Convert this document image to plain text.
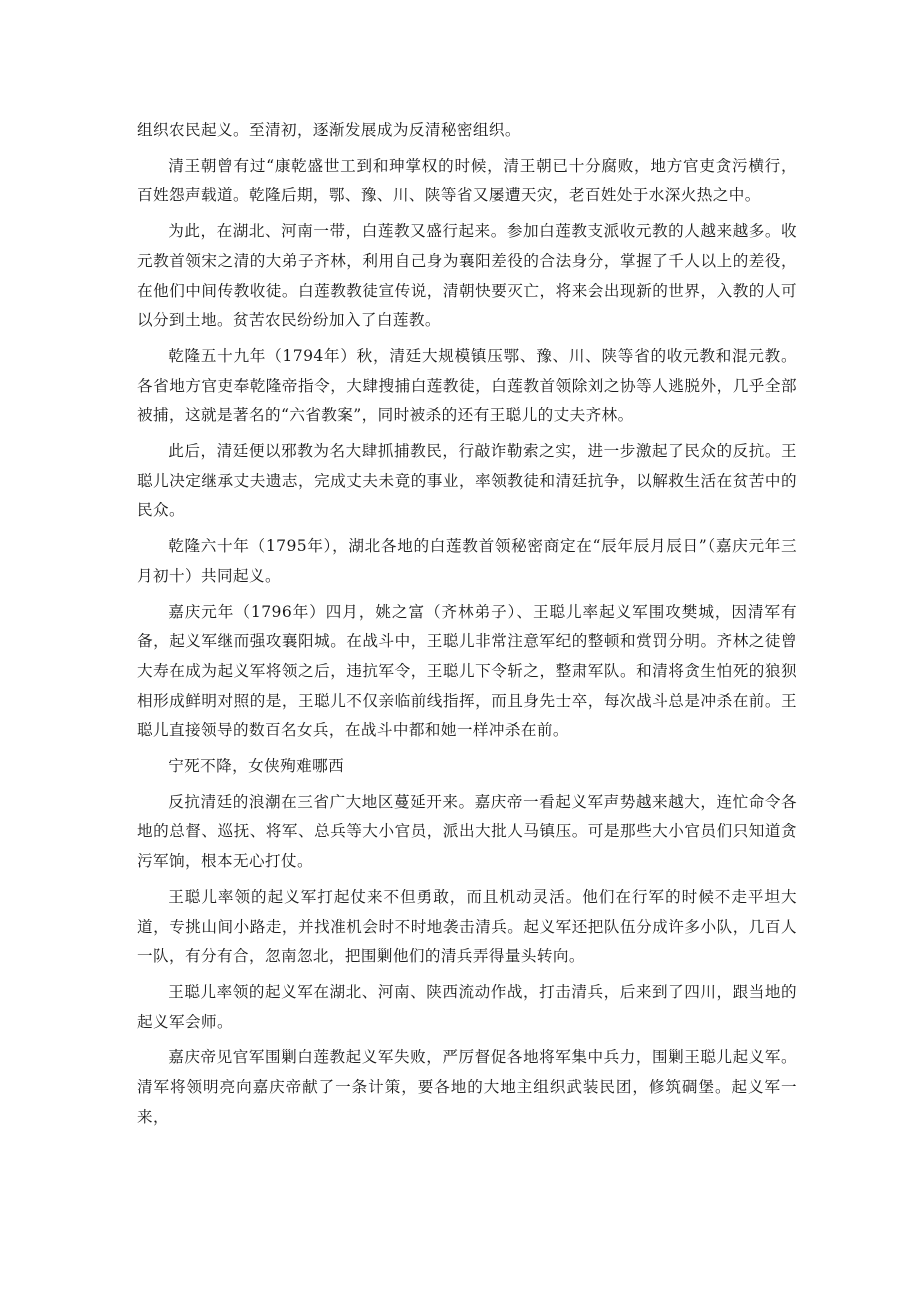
组织农民起义。至清初，逐渐发展成为反清秘密组织。

清王朝曾有过“康乾盛世工到和珅掌权的时候，清王朝已十分腐败，地方官吏贪污横行，百姓怨声载道。乾隆后期，鄂、豫、川、陕等省又屡遭天灾，老百姓处于水深火热之中。

为此，在湖北、河南一带，白莲教又盛行起来。参加白莲教支派收元教的人越来越多。收元教首领宋之清的大弟子齐林，利用自己身为襄阳差役的合法身分，掌握了千人以上的差役，在他们中间传教收徒。白莲教教徒宣传说，清朝快要灭亡，将来会出现新的世界，入教的人可以分到土地。贫苦农民纷纷加入了白莲教。

乾隆五十九年（1794年）秋，清廷大规模镇压鄂、豫、川、陕等省的收元教和混元教。各省地方官吏奉乾隆帝指令，大肆搜捕白莲教徒，白莲教首领除刘之协等人逃脱外，几乎全部被捕，这就是著名的“六省教案”，同时被杀的还有王聪儿的丈夫齐林。

此后，清廷便以邪教为名大肆抓捕教民，行敲诈勒索之实，进一步激起了民众的反抗。王聪儿决定继承丈夫遗志，完成丈夫未竟的事业，率领教徒和清廷抗争，以解救生活在贫苦中的民众。

乾隆六十年（1795年），湖北各地的白莲教首领秘密商定在“辰年辰月辰日”（嘉庆元年三月初十）共同起义。

嘉庆元年（1796年）四月，姚之富（齐林弟子）、王聪儿率起义军围攻樊城，因清军有备，起义军继而强攻襄阳城。在战斗中，王聪儿非常注意军纪的整顿和赏罚分明。齐林之徒曾大寿在成为起义军将领之后，违抗军令，王聪儿下令斩之，整肃军队。和清将贪生怕死的狼狈相形成鲜明对照的是，王聪儿不仅亲临前线指挥，而且身先士卒，每次战斗总是冲杀在前。王聪儿直接领导的数百名女兵，在战斗中都和她一样冲杀在前。

宁死不降，女侠殉难哪西

反抗清廷的浪潮在三省广大地区蔓延开来。嘉庆帝一看起义军声势越来越大，连忙命令各地的总督、巡抚、将军、总兵等大小官员，派出大批人马镇压。可是那些大小官员们只知道贪污军饷，根本无心打仗。

王聪儿率领的起义军打起仗来不但勇敢，而且机动灵活。他们在行军的时候不走平坦大道，专挑山间小路走，并找准机会时不时地袭击清兵。起义军还把队伍分成许多小队，几百人一队，有分有合，忽南忽北，把围剿他们的清兵弄得量头转向。

王聪儿率领的起义军在湖北、河南、陕西流动作战，打击清兵，后来到了四川，跟当地的起义军会师。

嘉庆帝见官军围剿白莲教起义军失败，严厉督促各地将军集中兵力，围剿王聪儿起义军。清军将领明亮向嘉庆帝献了一条计策，要各地的大地主组织武装民团，修筑碉堡。起义军一来，
